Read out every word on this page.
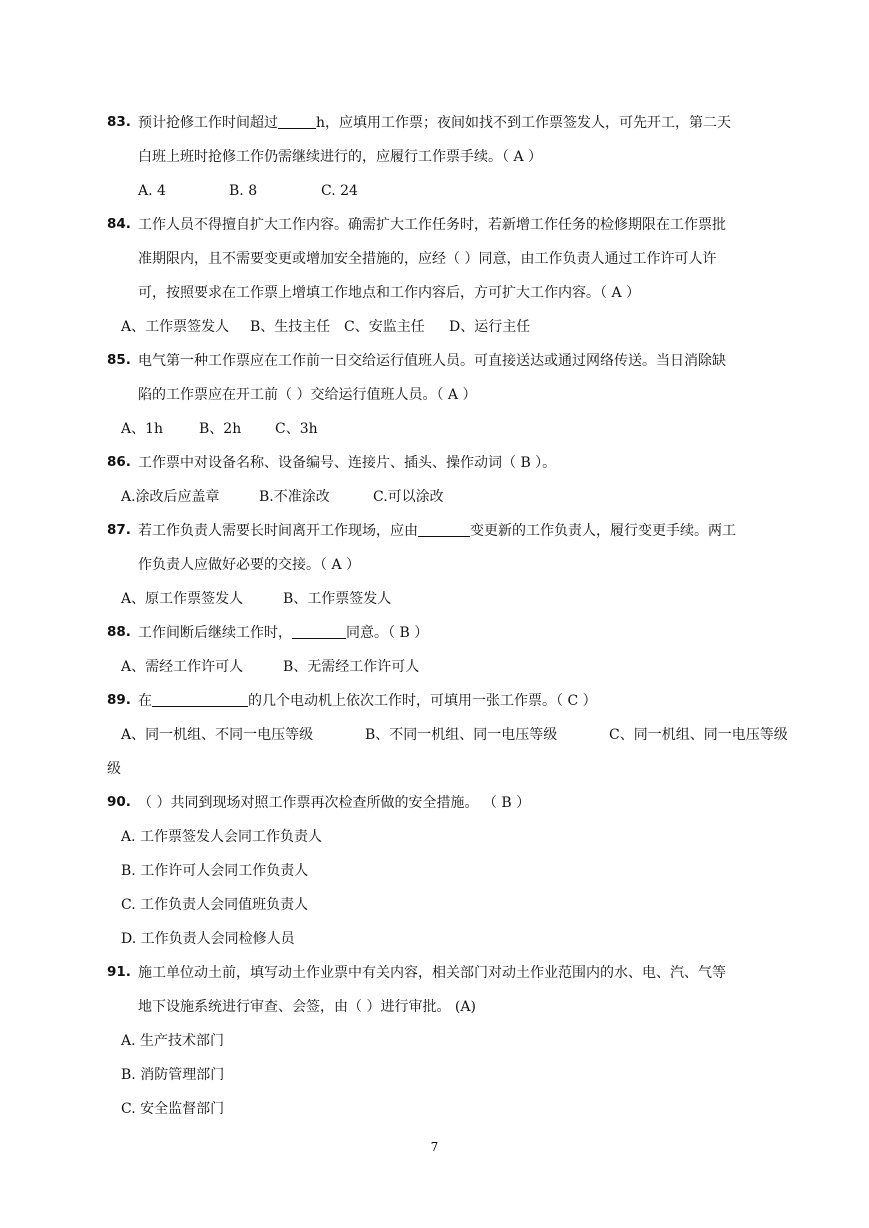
83. 预计抢修工作时间超过	h，应填用工作票；夜间如找不到工作票签发人，可先开工，第二天
白班上班时抢修工作仍需继续进行的，应履行工作票手续。（ A ）
A. 4	B. 8	C. 24
84. 工作人员不得擅自扩大工作内容。确需扩大工作任务时，若新增工作任务的检修期限在工作票批
准期限内，且不需要变更或增加安全措施的，应经（ ）同意，由工作负责人通过工作许可人许
可，按照要求在工作票上增填工作地点和工作内容后，方可扩大工作内容。（ A ）
A、工作票签发人 B、生技主任 C、安监主任 D、运行主任
85. 电气第一种工作票应在工作前一日交给运行值班人员。可直接送达或通过网络传送。当日消除缺
陷的工作票应在开工前（ ）交给运行值班人员。（ A ）
A、1h	B、2h C、3h
86. 工作票中对设备名称、设备编号、连接片、插头、操作动词（ B ）。
A.涂改后应盖章	B.不准涂改	C.可以涂改
87. 若工作负责人需要长时间离开工作现场，应由	变更新的工作负责人，履行变更手续。两工
作负责人应做好必要的交接。（ A ）
A、原工作票签发人	B、工作票签发人
88. 工作间断后继续工作时，	同意。（ B ）
A、需经工作许可人	B、无需经工作许可人
89. 在	的几个电动机上依次工作时，可填用一张工作票。（ C ）
A、同一机组、不同一电压等级	B、不同一机组、同一电压等级	C、同一机组、同一电压等级
级
90. （ ）共同到现场对照工作票再次检查所做的安全措施。 （ B ）
A. 工作票签发人会同工作负责人
B. 工作许可人会同工作负责人
C. 工作负责人会同值班负责人
D. 工作负责人会同检修人员
91. 施工单位动土前，填写动土作业票中有关内容，相关部门对动土作业范围内的水、电、汽、气等
地下设施系统进行审查、会签，由（ ）进行审批。 (A)
A. 生产技术部门
B. 消防管理部门
C. 安全监督部门
7
